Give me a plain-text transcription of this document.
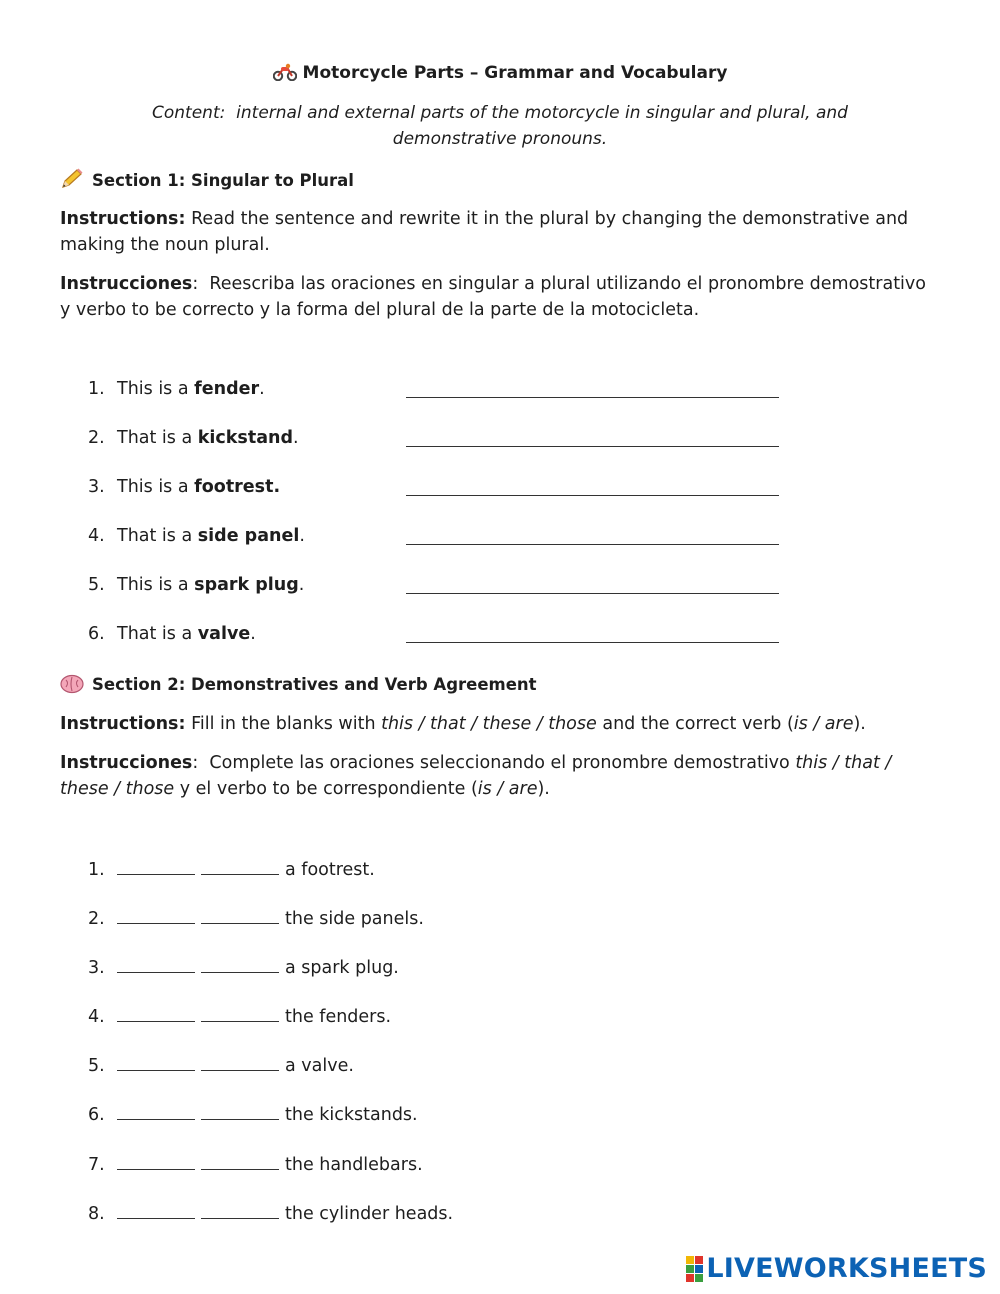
Motorcycle Parts – Grammar and Vocabulary
Content: internal and external parts of the motorcycle in singular and plural, and demonstrative pronouns.
Section 1: Singular to Plural
Instructions: Read the sentence and rewrite it in the plural by changing the demonstrative and making the noun plural.
Instrucciones:  Reescriba las oraciones en singular a plural utilizando el pronombre demostrativo y verbo to be correcto y la forma del plural de la parte de la motocicleta.
1. This is a fender.
2. That is a kickstand.
3. This is a footrest.
4. That is a side panel.
5. This is a spark plug.
6. That is a valve.
Section 2: Demonstratives and Verb Agreement
Instructions: Fill in the blanks with this / that / these / those and the correct verb (is / are).
Instrucciones:  Complete las oraciones seleccionando el pronombre demostrativo this / that / these / those y el verbo to be correspondiente (is / are).
1.	a footrest.
2.	the side panels.
3.	a spark plug.
4.	the fenders.
5.	a valve.
6.	the kickstands.
7.	the handlebars.
8.	the cylinder heads.
LIVEWORKSHEETS
